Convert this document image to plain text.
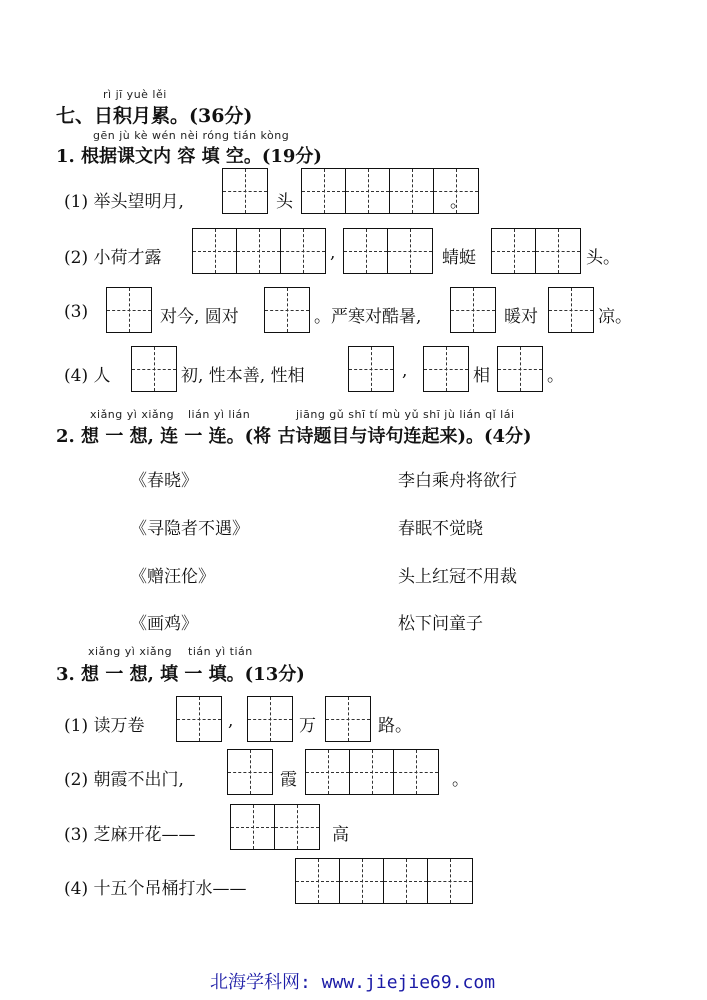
rì jī yuè lěi
七、日积月累。(36分)
gēn jù kè wén nèi róng tián kòng
1. 根据课文内 容 填 空。(19分)
(1) 举头望明月,	头	。
(2) 小荷才露	,	蜻蜓	头。
(3)	对今, 圆对	。严寒对酷暑,	暖对	凉。
(4) 人	初, 性本善, 性相	,	相	。
xiǎng yì xiǎng lián yì lián	jiāng gǔ shī tí mù yǔ shī jù lián qǐ lái
2. 想 一 想, 连 一 连。(将 古诗题目与诗句连起来)。(4分)
《春晓》
《寻隐者不遇》
《赠汪伦》
《画鸡》
李白乘舟将欲行
春眠不觉晓
头上红冠不用裁
松下问童子
xiǎng yì xiǎng tián yì tián
3. 想 一 想, 填 一 填。(13分)
(1) 读万卷	,	万	路。
(2) 朝霞不出门,	霞	。
(3) 芝麻开花——	高
(4) 十五个吊桶打水——
北海学科网: www.jiejie69.com
